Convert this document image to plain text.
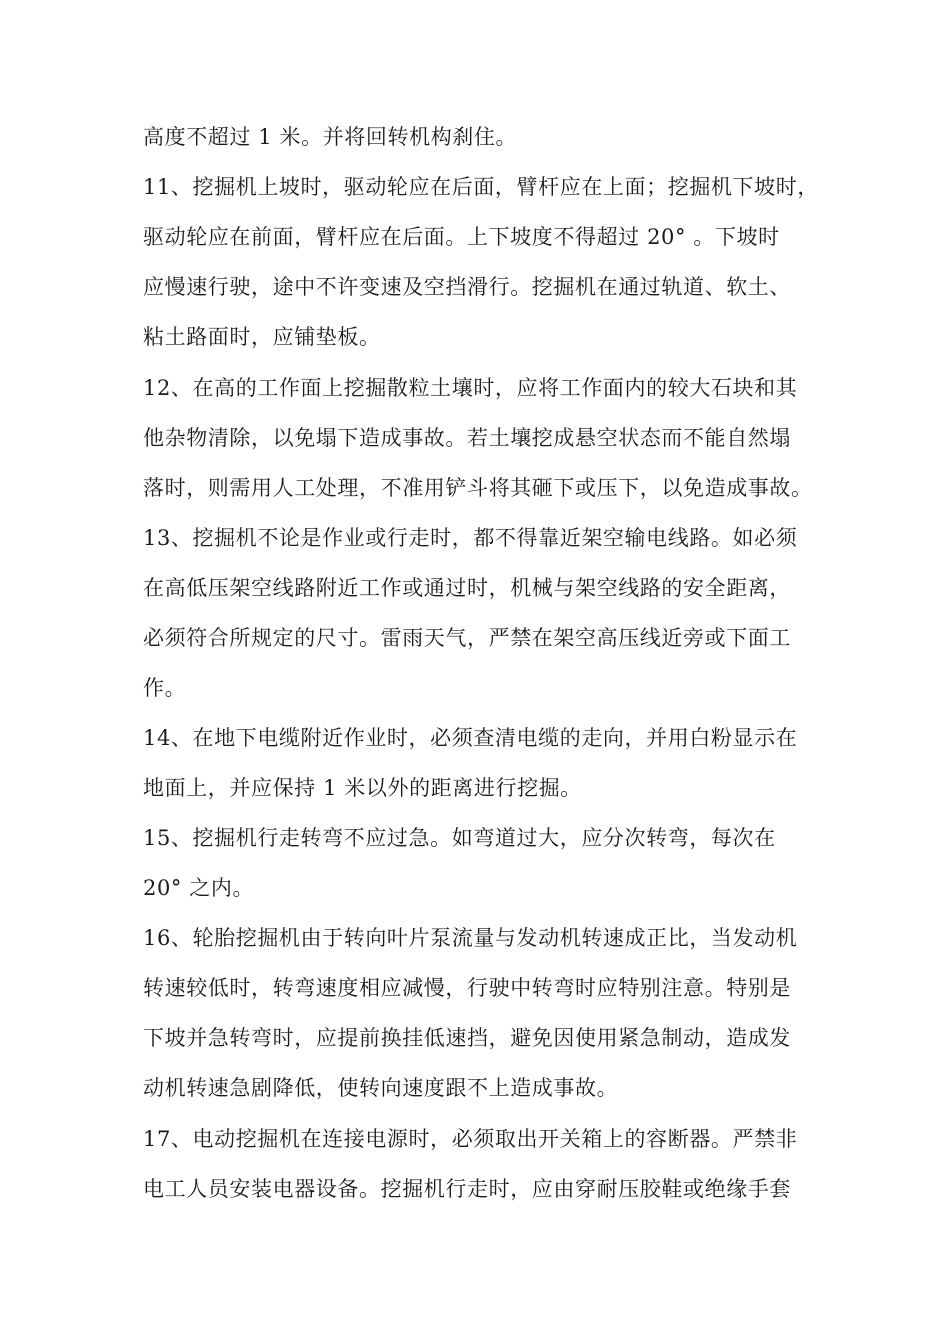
高度不超过 1 米。并将回转机构刹住。
11、挖掘机上坡时，驱动轮应在后面，臂杆应在上面；挖掘机下坡时，
驱动轮应在前面，臂杆应在后面。上下坡度不得超过 20° 。下坡时
应慢速行驶，途中不许变速及空挡滑行。挖掘机在通过轨道、软土、
粘土路面时，应铺垫板。
12、在高的工作面上挖掘散粒土壤时，应将工作面内的较大石块和其
他杂物清除，以免塌下造成事故。若土壤挖成悬空状态而不能自然塌
落时，则需用人工处理，不准用铲斗将其砸下或压下，以免造成事故。
13、挖掘机不论是作业或行走时，都不得靠近架空输电线路。如必须
在高低压架空线路附近工作或通过时，机械与架空线路的安全距离，
必须符合所规定的尺寸。雷雨天气，严禁在架空高压线近旁或下面工
作。
14、在地下电缆附近作业时，必须查清电缆的走向，并用白粉显示在
地面上，并应保持 1 米以外的距离进行挖掘。
15、挖掘机行走转弯不应过急。如弯道过大，应分次转弯，每次在
20° 之内。
16、轮胎挖掘机由于转向叶片泵流量与发动机转速成正比，当发动机
转速较低时，转弯速度相应减慢，行驶中转弯时应特别注意。特别是
下坡并急转弯时，应提前换挂低速挡，避免因使用紧急制动，造成发
动机转速急剧降低，使转向速度跟不上造成事故。
17、电动挖掘机在连接电源时，必须取出开关箱上的容断器。严禁非
电工人员安装电器设备。挖掘机行走时，应由穿耐压胶鞋或绝缘手套
